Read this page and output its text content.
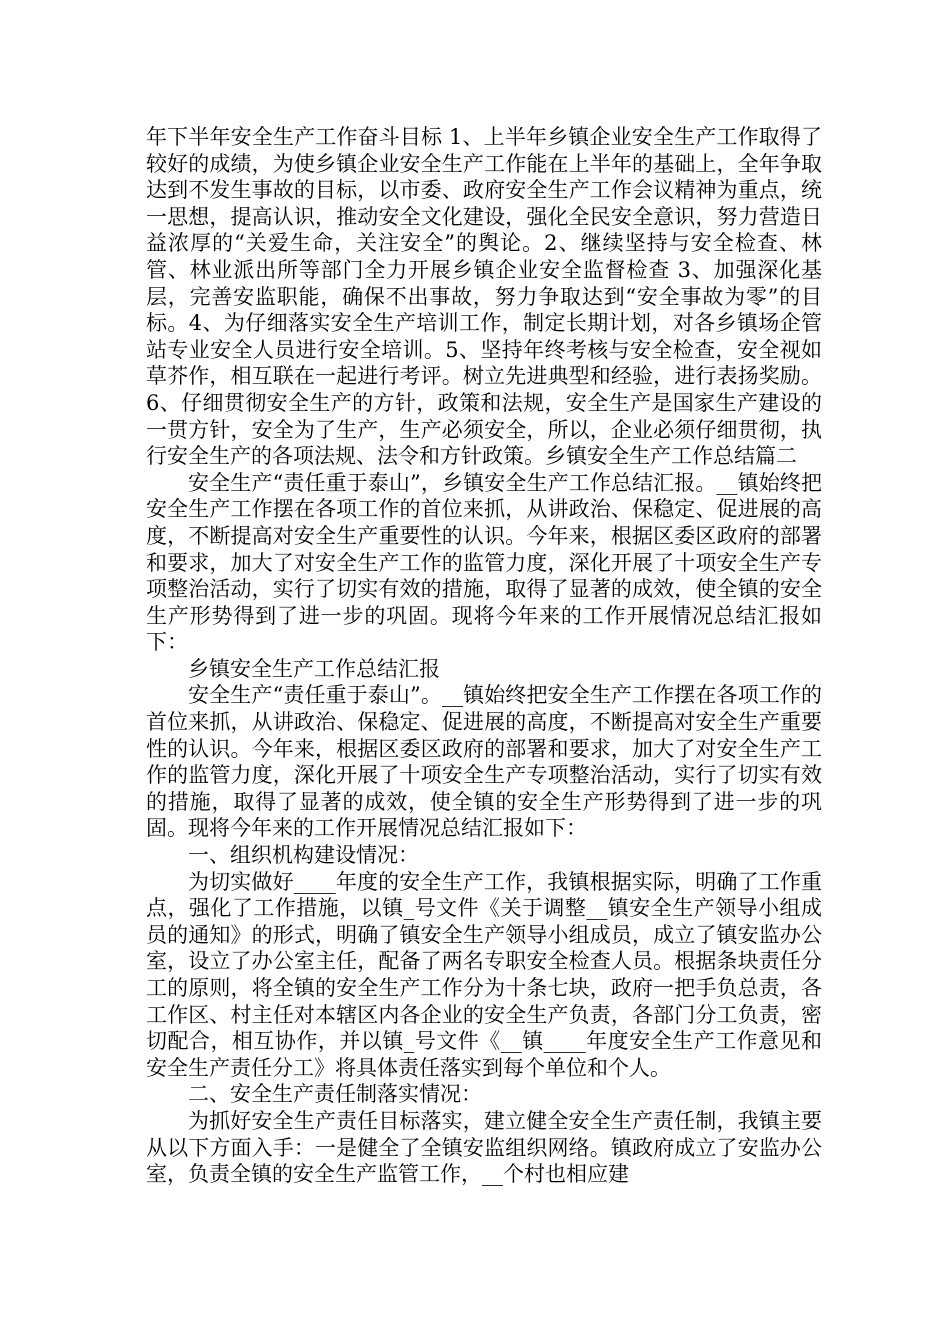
年下半年安全生产工作奋斗目标 1、上半年乡镇企业安全生产工作取得了较好的成绩，为使乡镇企业安全生产工作能在上半年的基础上，全年争取达到不发生事故的目标，以市委、政府安全生产工作会议精神为重点，统一思想，提高认识，推动安全文化建设，强化全民安全意识，努力营造日益浓厚的“关爱生命，关注安全”的舆论。2、继续坚持与安全检查、林管、林业派出所等部门全力开展乡镇企业安全监督检查 3、加强深化基层，完善安监职能，确保不出事故，努力争取达到“安全事故为零”的目标。4、为仔细落实安全生产培训工作，制定长期计划，对各乡镇场企管站专业安全人员进行安全培训。5、坚持年终考核与安全检查，安全视如草芥作，相互联在一起进行考评。树立先进典型和经验，进行表扬奖励。6、仔细贯彻安全生产的方针，政策和法规，安全生产是国家生产建设的一贯方针，安全为了生产，生产必须安全，所以，企业必须仔细贯彻，执行安全生产的各项法规、法令和方针政策。乡镇安全生产工作总结篇二

安全生产“责任重于泰山”，乡镇安全生产工作总结汇报。__镇始终把安全生产工作摆在各项工作的首位来抓，从讲政治、保稳定、促进展的高度，不断提高对安全生产重要性的认识。今年来，根据区委区政府的部署和要求，加大了对安全生产工作的监管力度，深化开展了十项安全生产专项整治活动，实行了切实有效的措施，取得了显著的成效，使全镇的安全生产形势得到了进一步的巩固。现将今年来的工作开展情况总结汇报如下：

乡镇安全生产工作总结汇报

安全生产“责任重于泰山”。__镇始终把安全生产工作摆在各项工作的首位来抓，从讲政治、保稳定、促进展的高度，不断提高对安全生产重要性的认识。今年来，根据区委区政府的部署和要求，加大了对安全生产工作的监管力度，深化开展了十项安全生产专项整治活动，实行了切实有效的措施，取得了显著的成效，使全镇的安全生产形势得到了进一步的巩固。现将今年来的工作开展情况总结汇报如下：

一、组织机构建设情况：

为切实做好____年度的安全生产工作，我镇根据实际，明确了工作重点，强化了工作措施，以镇_号文件《关于调整__镇安全生产领导小组成员的通知》的形式，明确了镇安全生产领导小组成员，成立了镇安监办公室，设立了办公室主任，配备了两名专职安全检查人员。根据条块责任分工的原则，将全镇的安全生产工作分为十条七块，政府一把手负总责，各工作区、村主任对本辖区内各企业的安全生产负责，各部门分工负责，密切配合，相互协作，并以镇_号文件《__镇____年度安全生产工作意见和安全生产责任分工》将具体责任落实到每个单位和个人。

二、安全生产责任制落实情况：

为抓好安全生产责任目标落实，建立健全安全生产责任制，我镇主要从以下方面入手：一是健全了全镇安监组织网络。镇政府成立了安监办公室，负责全镇的安全生产监管工作，__个村也相应建
